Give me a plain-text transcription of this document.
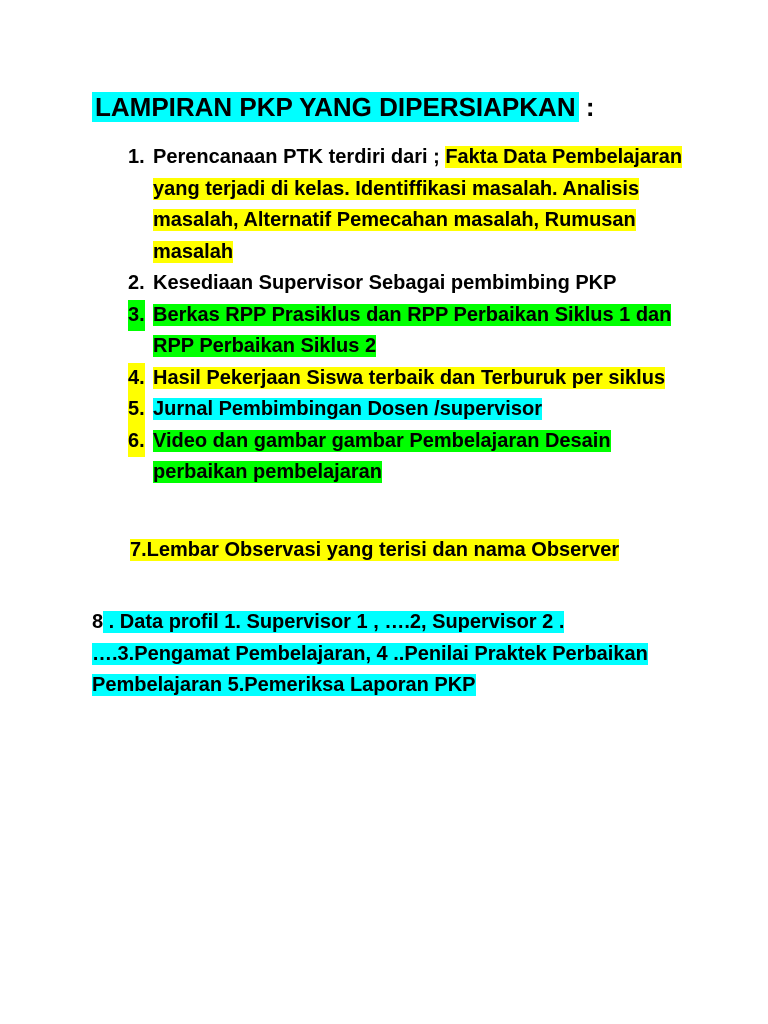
LAMPIRAN PKP YANG DIPERSIAPKAN :
1. Perencanaan PTK terdiri dari ; Fakta Data Pembelajaran yang terjadi di kelas. Identiffikasi masalah. Analisis masalah, Alternatif Pemecahan masalah, Rumusan masalah
2. Kesediaan Supervisor Sebagai pembimbing PKP
3. Berkas RPP Prasiklus dan RPP Perbaikan Siklus 1 dan RPP Perbaikan Siklus 2
4. Hasil Pekerjaan Siswa terbaik dan Terburuk per siklus
5. Jurnal Pembimbingan Dosen /supervisor
6. Video dan gambar gambar Pembelajaran Desain perbaikan pembelajaran
7.Lembar Observasi yang terisi dan nama Observer
8 . Data profil 1. Supervisor 1 , ….2, Supervisor 2 . ….3.Pengamat Pembelajaran, 4 ..Penilai Praktek Perbaikan Pembelajaran 5.Pemeriksa Laporan PKP
